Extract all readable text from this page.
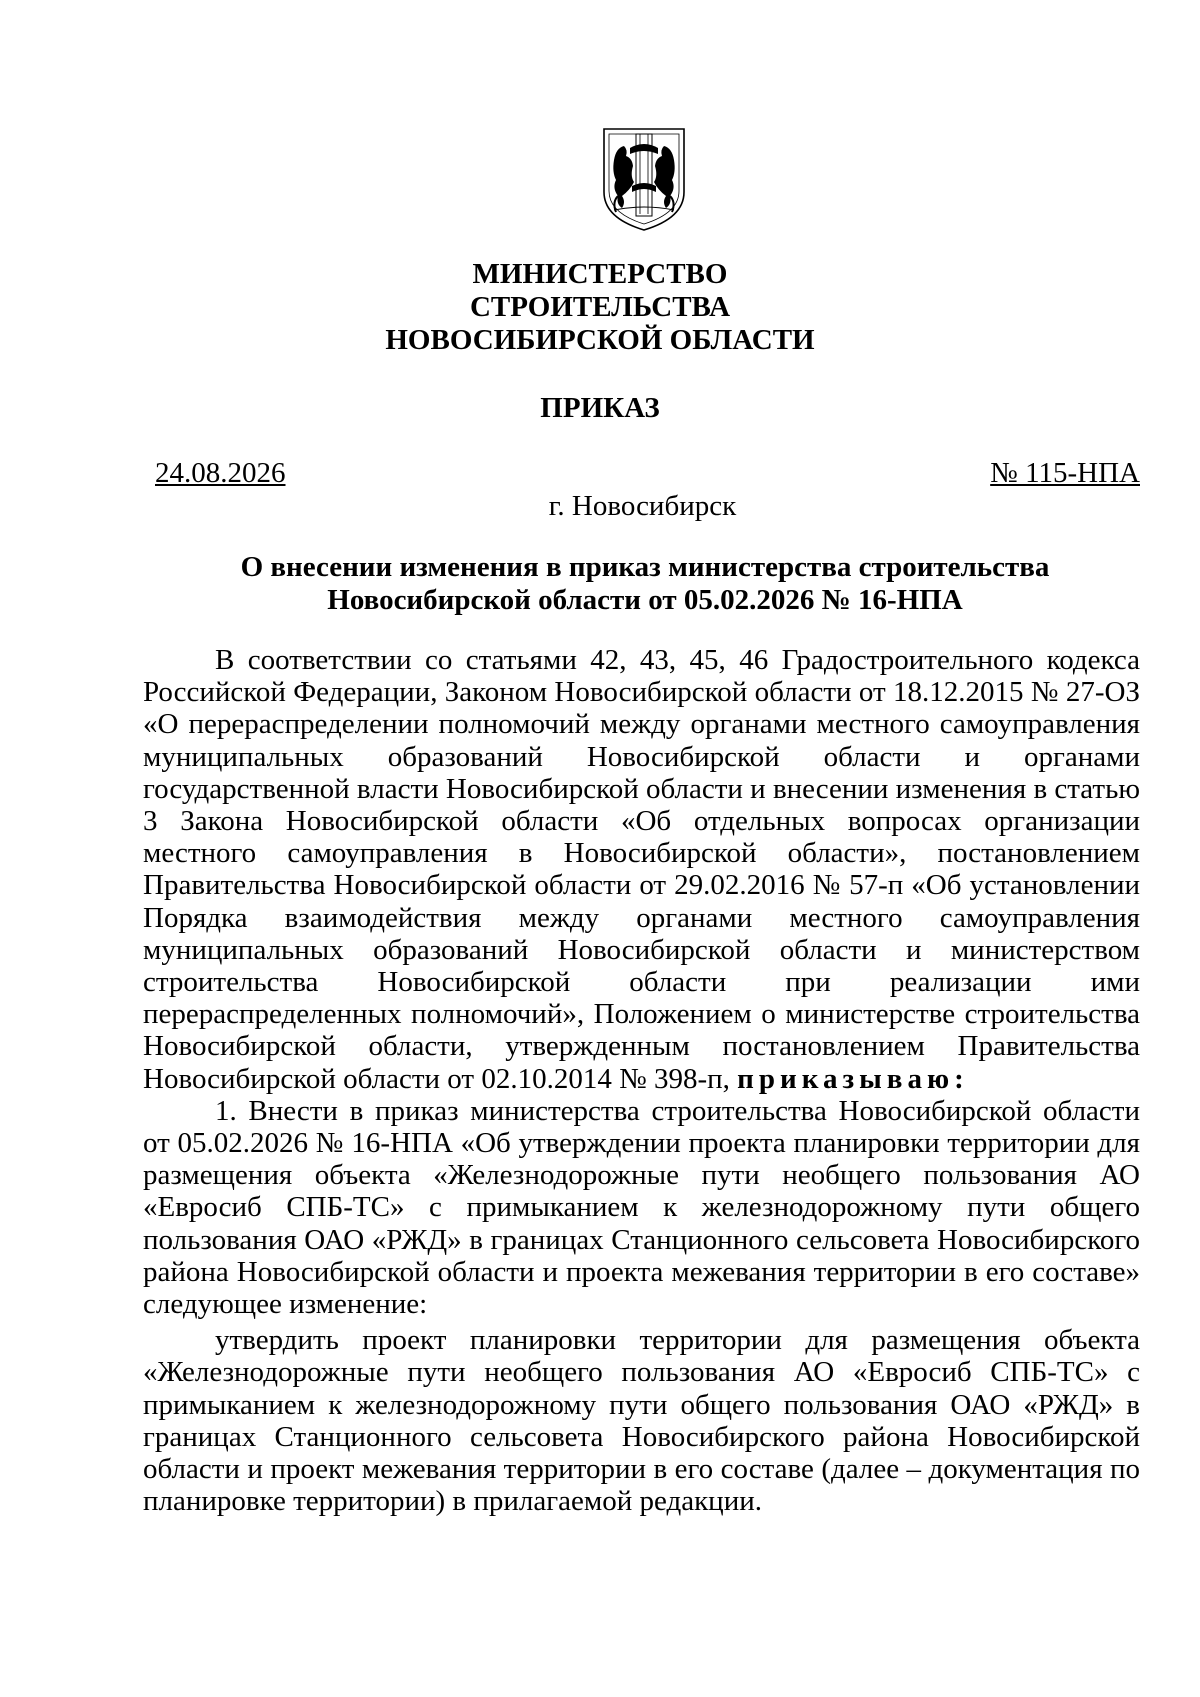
МИНИСТЕРСТВО
СТРОИТЕЛЬСТВА
НОВОСИБИРСКОЙ ОБЛАСТИ
ПРИКАЗ
24.08.2026	№ 115-НПА
г. Новосибирск
О внесении изменения в приказ министерства строительства Новосибирской области от 05.02.2026 № 16-НПА

В соответствии со статьями 42, 43, 45, 46 Градостроительного кодекса Российской Федерации, Законом Новосибирской области от 18.12.2015 № 27-ОЗ «О перераспределении полномочий между органами местного самоуправления муниципальных образований Новосибирской области и органами государственной власти Новосибирской области и внесении изменения в статью 3 Закона Новосибирской области «Об отдельных вопросах организации местного самоуправления в Новосибирской области», постановлением Правительства Новосибирской области от 29.02.2016 № 57-п «Об установлении Порядка взаимодействия между органами местного самоуправления муниципальных образований Новосибирской области и министерством строительства Новосибирской области при реализации ими перераспределенных полномочий», Положением о министерстве строительства Новосибирской области, утвержденным постановлением Правительства Новосибирской области от 02.10.2014 № 398-п, приказываю:

1. Внести в приказ министерства строительства Новосибирской области от 05.02.2026 № 16-НПА «Об утверждении проекта планировки территории для размещения объекта «Железнодорожные пути необщего пользования АО «Евросиб СПБ-ТС» с примыканием к железнодорожному пути общего пользования ОАО «РЖД» в границах Станционного сельсовета Новосибирского района Новосибирской области и проекта межевания территории в его составе» следующее изменение:

утвердить проект планировки территории для размещения объекта «Железнодорожные пути необщего пользования АО «Евросиб СПБ-ТС» с примыканием к железнодорожному пути общего пользования ОАО «РЖД» в границах Станционного сельсовета Новосибирского района Новосибирской области и проект межевания территории в его составе (далее – документация по планировке территории) в прилагаемой редакции.
